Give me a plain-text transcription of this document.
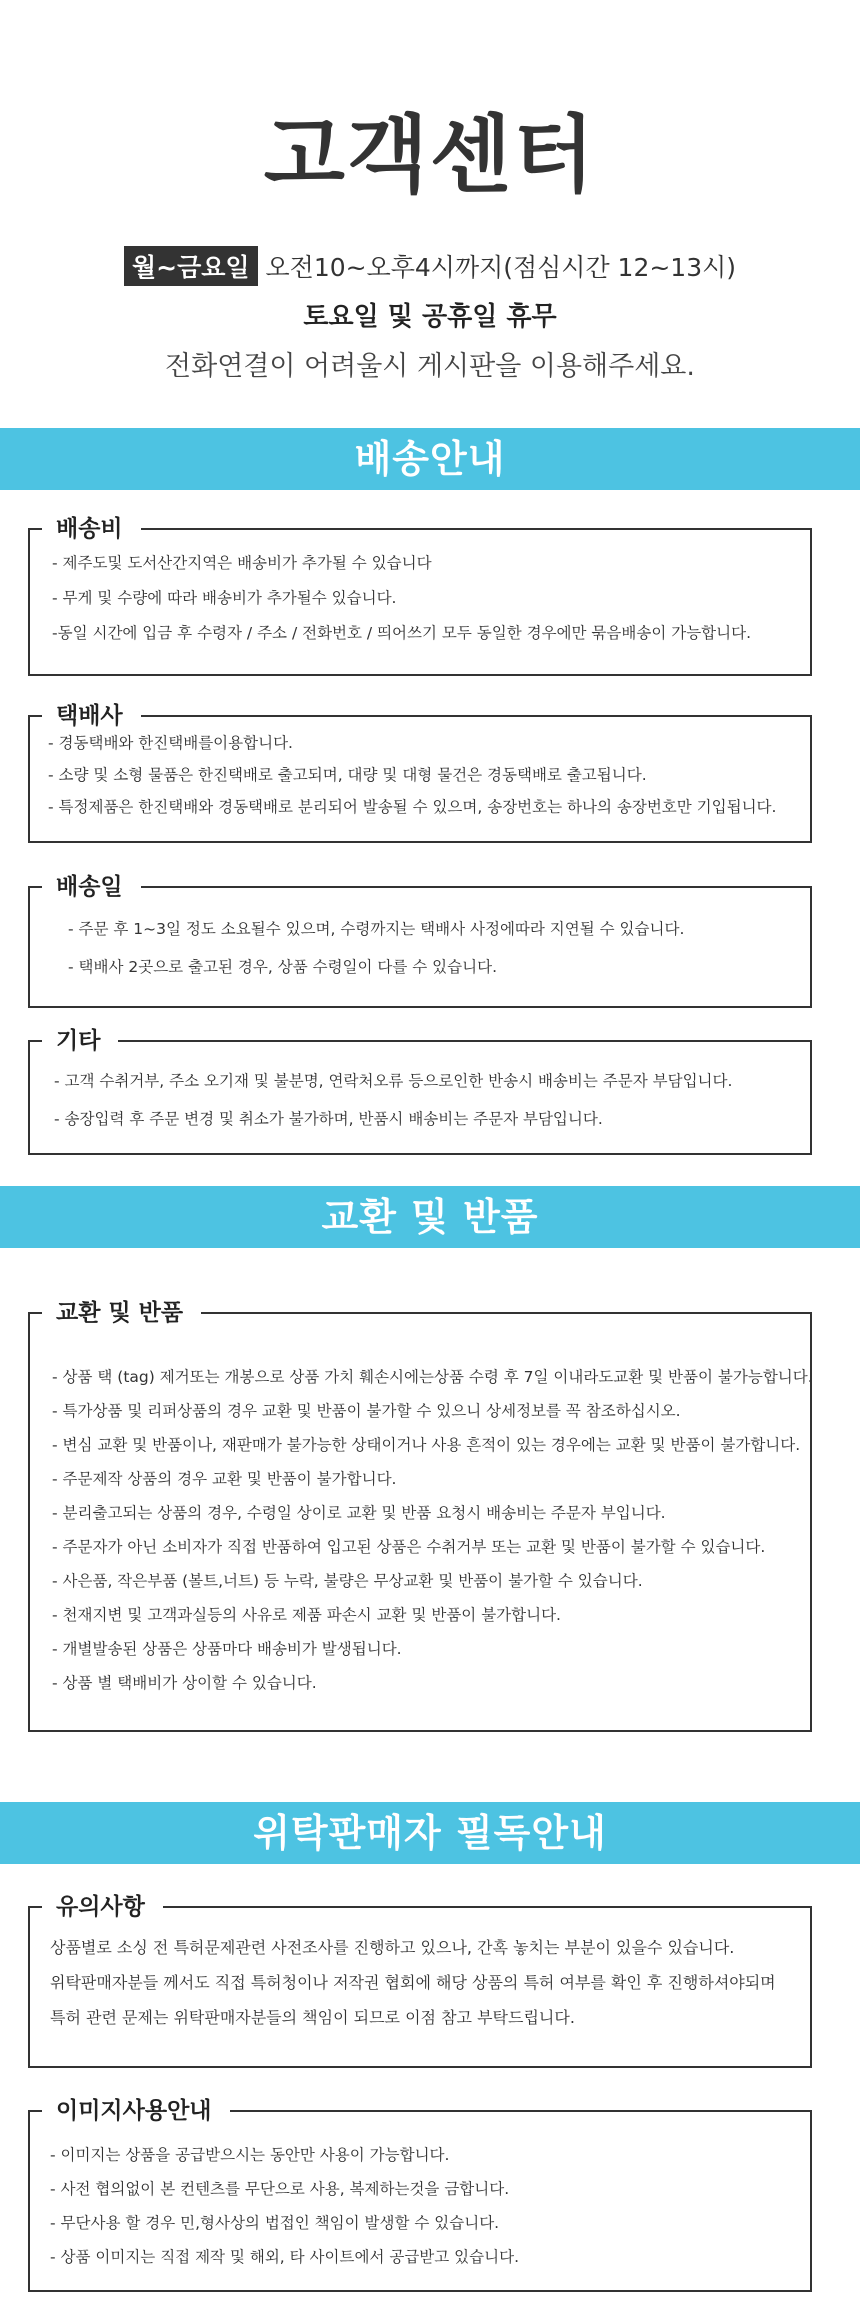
고객센터
월~금요일 오전10~오후4시까지(점심시간 12~13시)
토요일 및 공휴일 휴무
전화연결이 어려울시 게시판을 이용해주세요.
배송안내
배송비
- 제주도및 도서산간지역은 배송비가 추가될 수 있습니다
- 무게 및 수량에 따라 배송비가 추가될수 있습니다.
-동일 시간에 입금 후 수령자 / 주소 / 전화번호 / 띄어쓰기 모두 동일한 경우에만 묶음배송이 가능합니다.
택배사
- 경동택배와 한진택배를이용합니다.
- 소량 및 소형 물품은 한진택배로 출고되며, 대량 및 대형 물건은 경동택배로 출고됩니다.
- 특정제품은 한진택배와 경동택배로 분리되어 발송될 수 있으며, 송장번호는 하나의 송장번호만 기입됩니다.
배송일
- 주문 후 1~3일 정도 소요될수 있으며, 수령까지는 택배사 사정에따라 지연될 수 있습니다.
- 택배사 2곳으로 출고된 경우, 상품 수령일이 다를 수 있습니다.
기타
- 고객 수취거부, 주소 오기재 및 불분명, 연락처오류 등으로인한 반송시 배송비는 주문자 부담입니다.
- 송장입력 후 주문 변경 및 취소가 불가하며, 반품시 배송비는 주문자 부담입니다.
교환 및 반품
교환 및 반품
- 상품 택 (tag) 제거또는 개봉으로 상품 가치 훼손시에는상품 수령 후 7일 이내라도교환 및 반품이 불가능합니다.
- 특가상품 및 리퍼상품의 경우 교환 및 반품이 불가할 수 있으니 상세정보를 꼭 참조하십시오.
- 변심 교환 및 반품이나, 재판매가 불가능한 상태이거나 사용 흔적이 있는 경우에는 교환 및 반품이 불가합니다.
- 주문제작 상품의 경우 교환 및 반품이 불가합니다.
- 분리출고되는 상품의 경우, 수령일 상이로 교환 및 반품 요청시 배송비는 주문자 부입니다.
- 주문자가 아닌 소비자가 직접 반품하여 입고된 상품은 수취거부 또는 교환 및 반품이 불가할 수 있습니다.
- 사은품, 작은부품 (볼트,너트) 등 누락, 불량은 무상교환 및 반품이 불가할 수 있습니다.
- 천재지변 및 고객과실등의 사유로 제품 파손시 교환 및 반품이 불가합니다.
- 개별발송된 상품은 상품마다 배송비가 발생됩니다.
- 상품 별 택배비가 상이할 수 있습니다.
위탁판매자 필독안내
유의사항
상품별로 소싱 전 특허문제관련 사전조사를 진행하고 있으나, 간혹 놓치는 부분이 있을수 있습니다.
위탁판매자분들 께서도 직접 특허청이나 저작권 협회에 해당 상품의 특허 여부를 확인 후 진행하셔야되며
특허 관련 문제는 위탁판매자분들의 책임이 되므로 이점 참고 부탁드립니다.
이미지사용안내
- 이미지는 상품을 공급받으시는 동안만 사용이 가능합니다.
- 사전 협의없이 본 컨텐츠를 무단으로 사용, 복제하는것을 금합니다.
- 무단사용 할 경우 민,형사상의 법접인 책임이 발생할 수 있습니다.
- 상품 이미지는 직접 제작 및 해외, 타 사이트에서 공급받고 있습니다.
